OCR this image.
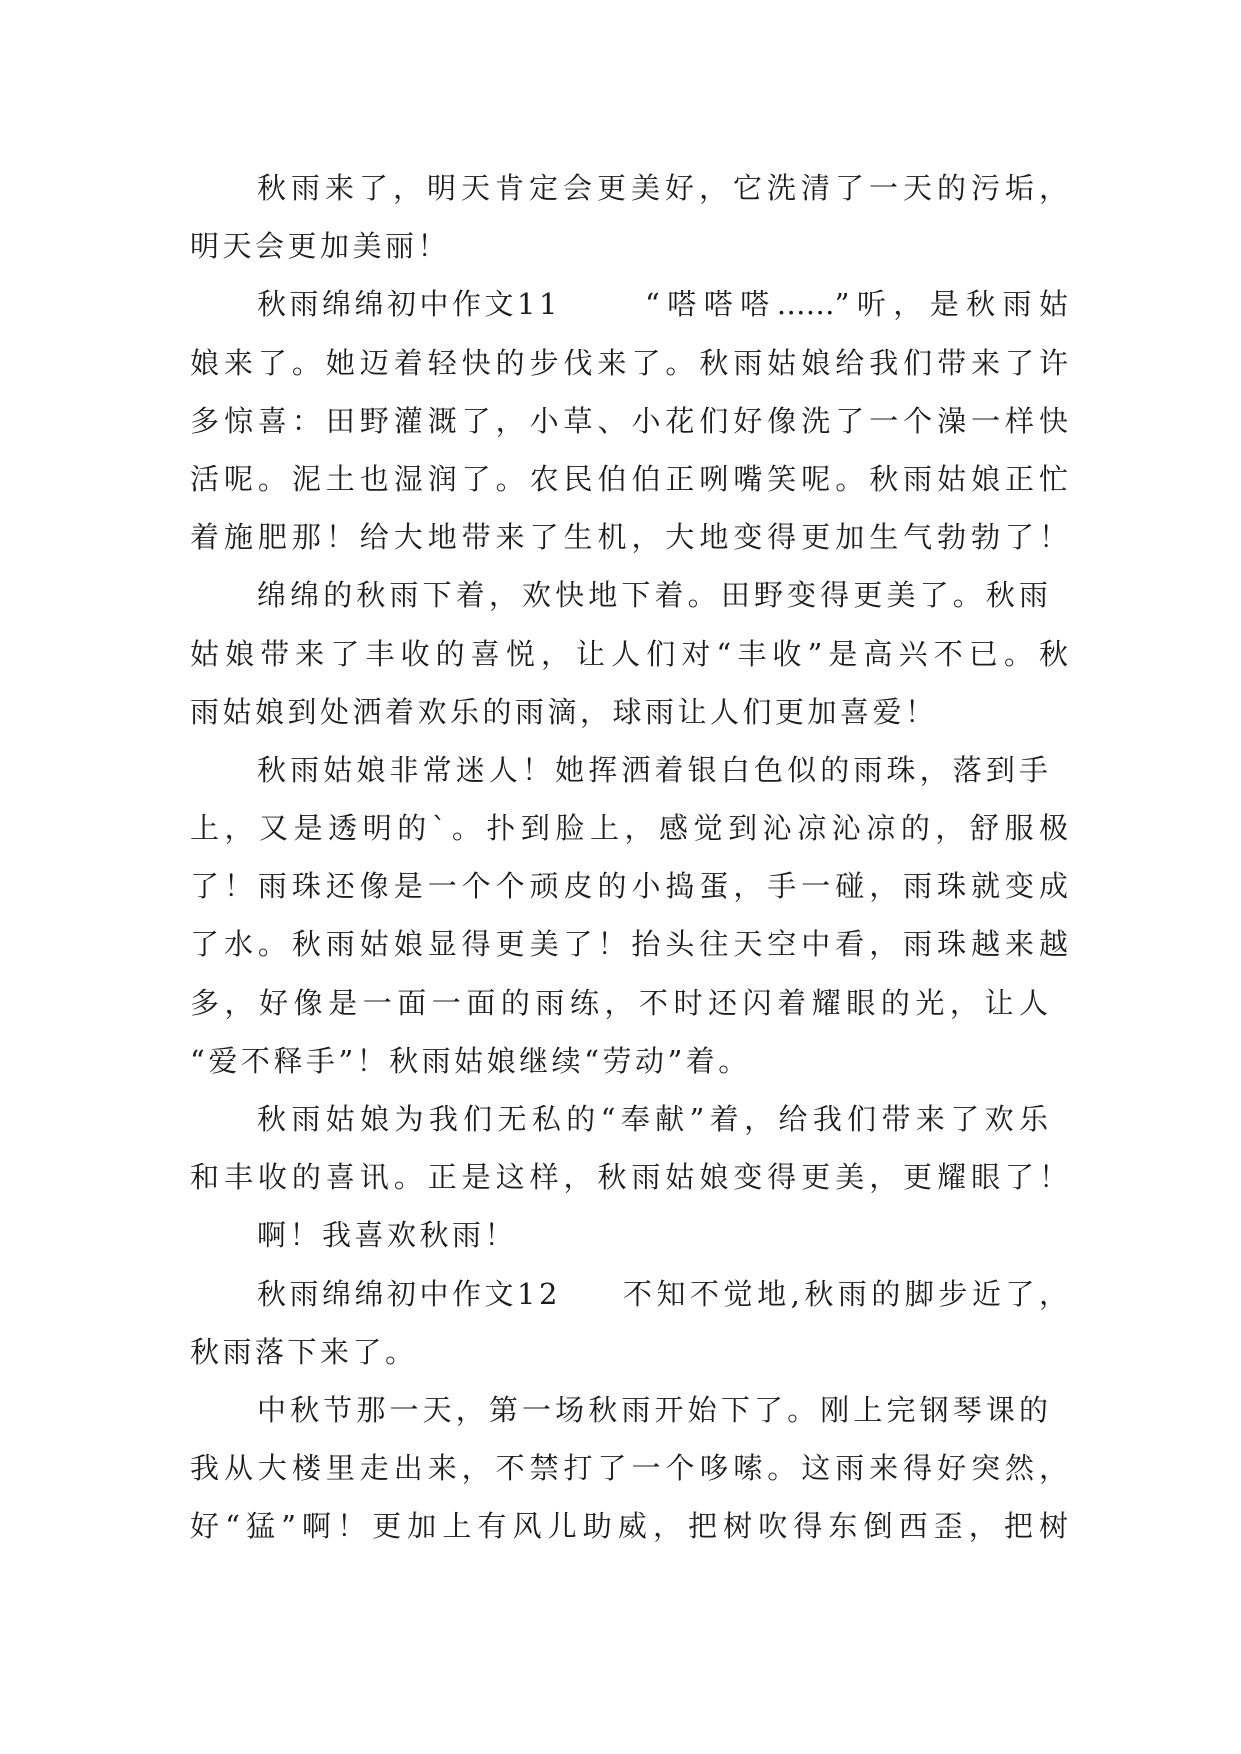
秋雨来了，明天肯定会更美好，它洗清了一天的污垢，
明天会更加美丽！
秋雨绵绵初中作文11	“嗒嗒嗒……”听，是秋雨姑
娘来了。她迈着轻快的步伐来了。秋雨姑娘给我们带来了许
多惊喜：田野灌溉了，小草、小花们好像洗了一个澡一样快
活呢。泥土也湿润了。农民伯伯正咧嘴笑呢。秋雨姑娘正忙
着施肥那！给大地带来了生机，大地变得更加生气勃勃了！
绵绵的秋雨下着，欢快地下着。田野变得更美了。秋雨
姑娘带来了丰收的喜悦，让人们对“丰收”是高兴不已。秋
雨姑娘到处洒着欢乐的雨滴，球雨让人们更加喜爱！
秋雨姑娘非常迷人！她挥洒着银白色似的雨珠，落到手
上，又是透明的`。扑到脸上，感觉到沁凉沁凉的，舒服极
了！雨珠还像是一个个顽皮的小捣蛋，手一碰，雨珠就变成
了水。秋雨姑娘显得更美了！抬头往天空中看，雨珠越来越
多，好像是一面一面的雨练，不时还闪着耀眼的光，让人
“爱不释手”！秋雨姑娘继续“劳动”着。
秋雨姑娘为我们无私的“奉献”着，给我们带来了欢乐
和丰收的喜讯。正是这样，秋雨姑娘变得更美，更耀眼了！
啊！我喜欢秋雨！
秋雨绵绵初中作文12 不知不觉地,秋雨的脚步近了，
秋雨落下来了。
中秋节那一天，第一场秋雨开始下了。刚上完钢琴课的
我从大楼里走出来，不禁打了一个哆嗦。这雨来得好突然，
好“猛”啊！更加上有风儿助威，把树吹得东倒西歪，把树
